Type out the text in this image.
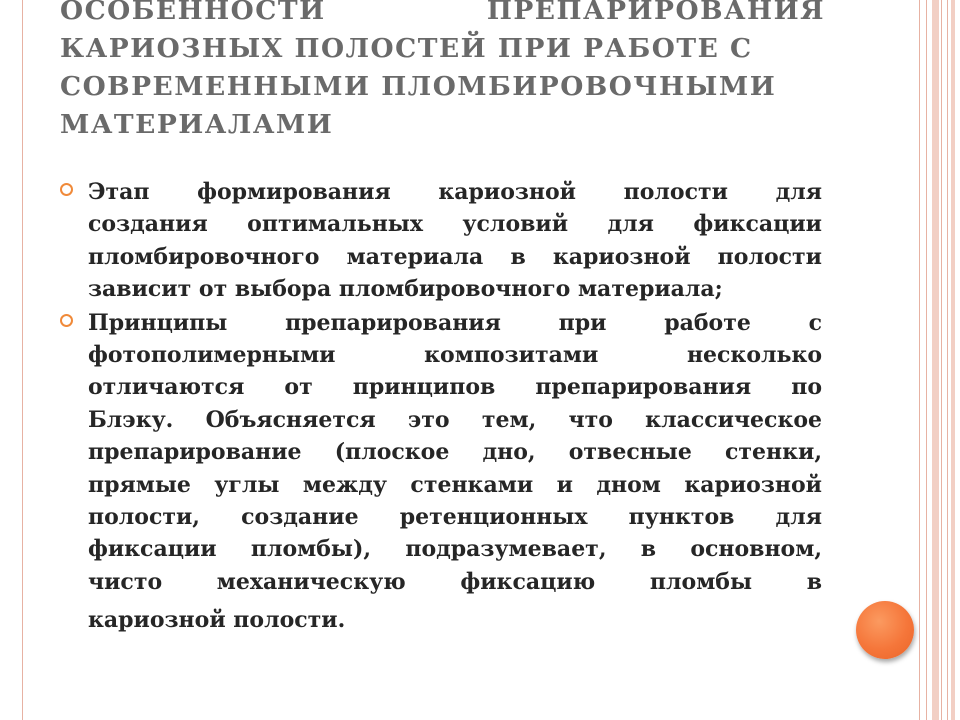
ОСОБЕННОСТИ ПРЕПАРИРОВАНИЯ
КАРИОЗНЫХ ПОЛОСТЕЙ ПРИ РАБОТЕ С
СОВРЕМЕННЫМИ ПЛОМБИРОВОЧНЫМИ
МАТЕРИАЛАМИ
Этап формирования кариозной полости для
создания оптимальных условий для фиксации
пломбировочного материала в кариозной полости
зависит от выбора пломбировочного материала;
Принципы препарирования при работе с
фотополимерными композитами несколько
отличаются от принципов препарирования по
Блэку. Объясняется это тем, что классическое
препарирование (плоское дно, отвесные стенки,
прямые углы между стенками и дном кариозной
полости, создание ретенционных пунктов для
фиксации пломбы), подразумевает, в основном,
чисто механическую фиксацию пломбы в
кариозной полости.
